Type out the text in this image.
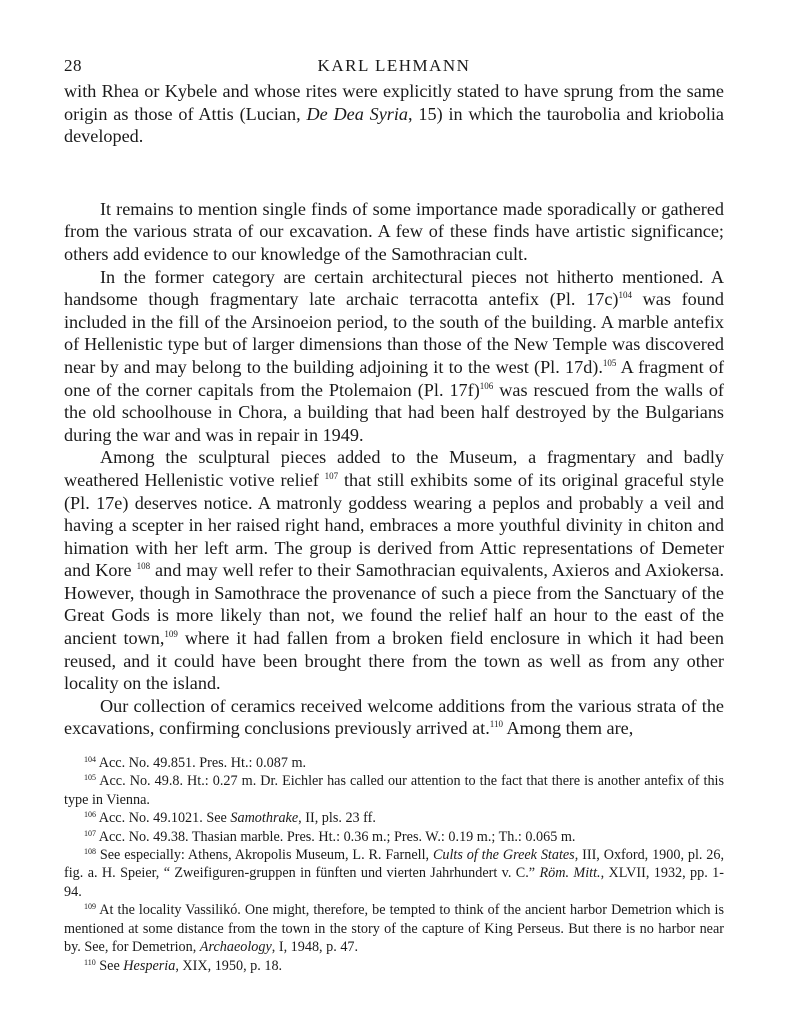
28	KARL LEHMANN

with Rhea or Kybele and whose rites were explicitly stated to have sprung from the same origin as those of Attis (Lucian, De Dea Syria, 15) in which the taurobolia and kriobolia developed.

It remains to mention single finds of some importance made sporadically or gathered from the various strata of our excavation. A few of these finds have artistic significance; others add evidence to our knowledge of the Samothracian cult.

In the former category are certain architectural pieces not hitherto mentioned. A handsome though fragmentary late archaic terracotta antefix (Pl. 17c)$^{104}$ was found included in the fill of the Arsinoeion period, to the south of the building. A marble antefix of Hellenistic type but of larger dimensions than those of the New Temple was discovered near by and may belong to the building adjoining it to the west (Pl. 17d).$^{105}$ A fragment of one of the corner capitals from the Ptolemaion (Pl. 17f)$^{106}$ was rescued from the walls of the old schoolhouse in Chora, a building that had been half destroyed by the Bulgarians during the war and was in repair in 1949.

Among the sculptural pieces added to the Museum, a fragmentary and badly weathered Hellenistic votive relief $^{107}$ that still exhibits some of its original graceful style (Pl. 17e) deserves notice. A matronly goddess wearing a peplos and probably a veil and having a scepter in her raised right hand, embraces a more youthful divinity in chiton and himation with her left arm. The group is derived from Attic representations of Demeter and Kore $^{108}$ and may well refer to their Samothracian equivalents, Axieros and Axiokersa. However, though in Samothrace the provenance of such a piece from the Sanctuary of the Great Gods is more likely than not, we found the relief half an hour to the east of the ancient town,$^{109}$ where it had fallen from a broken field enclosure in which it had been reused, and it could have been brought there from the town as well as from any other locality on the island.

Our collection of ceramics received welcome additions from the various strata of the excavations, confirming conclusions previously arrived at.$^{110}$ Among them are,

$^{104}$ Acc. No. 49.851. Pres. Ht.: 0.087 m.

$^{105}$ Acc. No. 49.8. Ht.: 0.27 m. Dr. Eichler has called our attention to the fact that there is another antefix of this type in Vienna.

$^{106}$ Acc. No. 49.1021. See Samothrake, II, pls. 23 ff.

$^{107}$ Acc. No. 49.38. Thasian marble. Pres. Ht.: 0.36 m.; Pres. W.: 0.19 m.; Th.: 0.065 m.

$^{108}$ See especially: Athens, Akropolis Museum, L. R. Farnell, Cults of the Greek States, III, Oxford, 1900, pl. 26, fig. a. H. Speier, “ Zweifiguren-gruppen in fünften und vierten Jahrhundert v. C.” Röm. Mitt., XLVII, 1932, pp. 1-94.

$^{109}$ At the locality Vassilikó. One might, therefore, be tempted to think of the ancient harbor Demetrion which is mentioned at some distance from the town in the story of the capture of King Perseus. But there is no harbor near by. See, for Demetrion, Archaeology, I, 1948, p. 47.

$^{110}$ See Hesperia, XIX, 1950, p. 18.
